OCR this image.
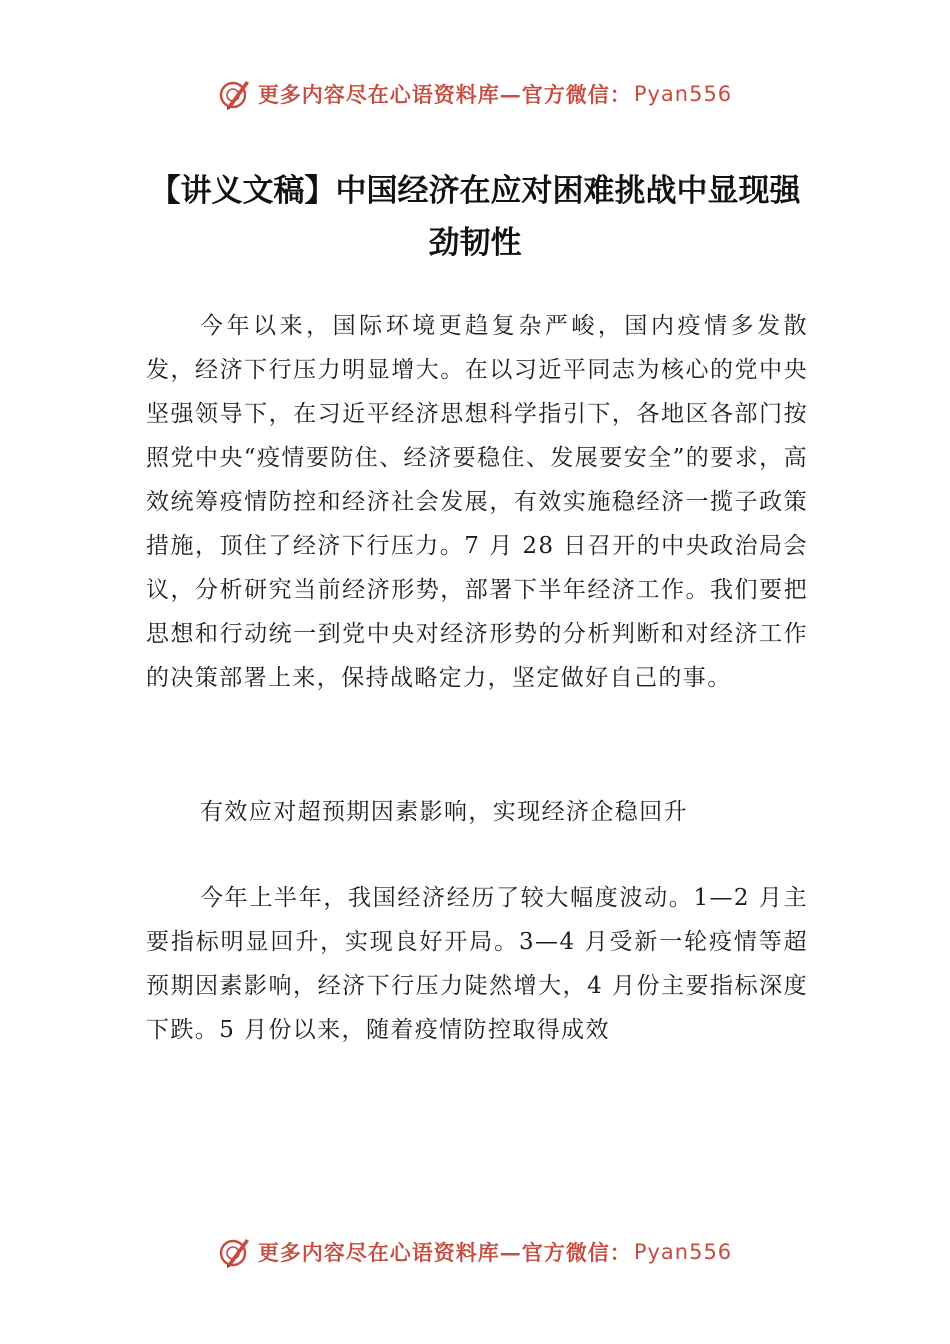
更多内容尽在心语资料库—官方微信： Pyan556
【讲义文稿】中国经济在应对困难挑战中显现强劲韧性

今年以来，国际环境更趋复杂严峻，国内疫情多发散发，经济下行压力明显增大。在以习近平同志为核心的党中央坚强领导下，在习近平经济思想科学指引下，各地区各部门按照党中央“疫情要防住、经济要稳住、发展要安全”的要求，高效统筹疫情防控和经济社会发展，有效实施稳经济一揽子政策措施，顶住了经济下行压力。7 月 28 日召开的中央政治局会议，分析研究当前经济形势，部署下半年经济工作。我们要把思想和行动统一到党中央对经济形势的分析判断和对经济工作的决策部署上来，保持战略定力，坚定做好自己的事。

有效应对超预期因素影响，实现经济企稳回升

今年上半年，我国经济经历了较大幅度波动。1—2 月主要指标明显回升，实现良好开局。3—4 月受新一轮疫情等超预期因素影响，经济下行压力陡然增大，4 月份主要指标深度下跌。5 月份以来，随着疫情防控取得成效

更多内容尽在心语资料库—官方微信： Pyan556
